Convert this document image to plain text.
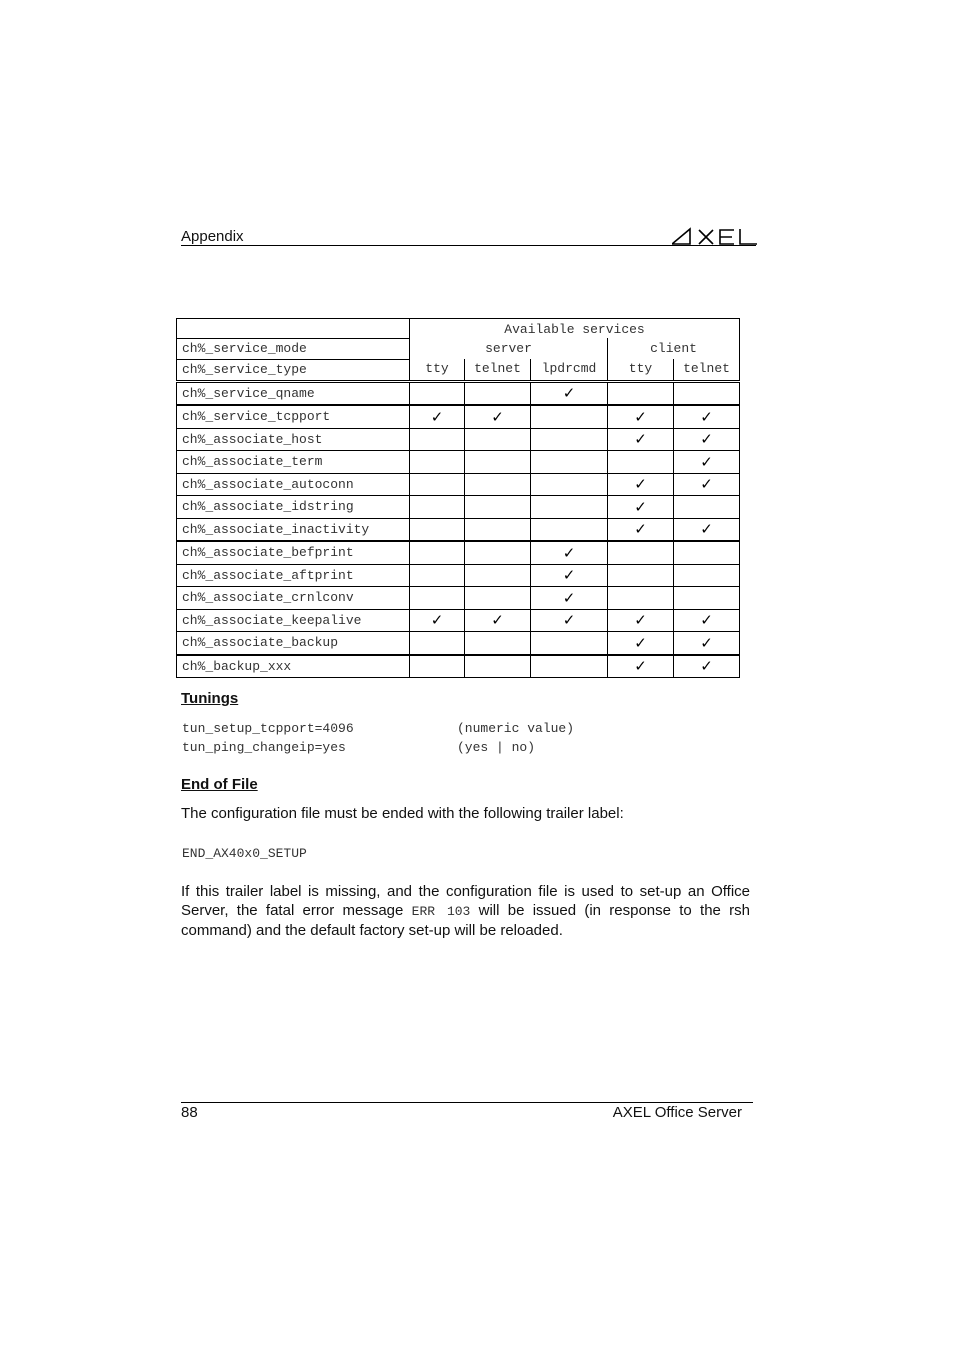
Appendix
	Available services				
ch%_service_mode	server			client	
ch%_service_type	tty	telnet	lpdrcmd	tty	telnet
ch%_service_qname			✓		
ch%_service_tcpport	✓	✓		✓	✓
ch%_associate_host				✓	✓
ch%_associate_term					✓
ch%_associate_autoconn				✓	✓
ch%_associate_idstring				✓	
ch%_associate_inactivity				✓	✓
ch%_associate_befprint			✓		
ch%_associate_aftprint			✓		
ch%_associate_crnlconv			✓		
ch%_associate_keepalive	✓	✓	✓	✓	✓
ch%_associate_backup				✓	✓
ch%_backup_xxx				✓	✓
Tunings
tun_setup_tcpport=4096	(numeric value)
tun_ping_changeip=yes	(yes | no)
End of File
The configuration file must be ended with the following trailer label:
END_AX40x0_SETUP
If this trailer label is missing, and the configuration file is used to set-up an Office Server, the fatal error message ERR 103 will be issued (in response to the rsh command) and the default factory set-up will be reloaded.
88	AXEL Office Server
